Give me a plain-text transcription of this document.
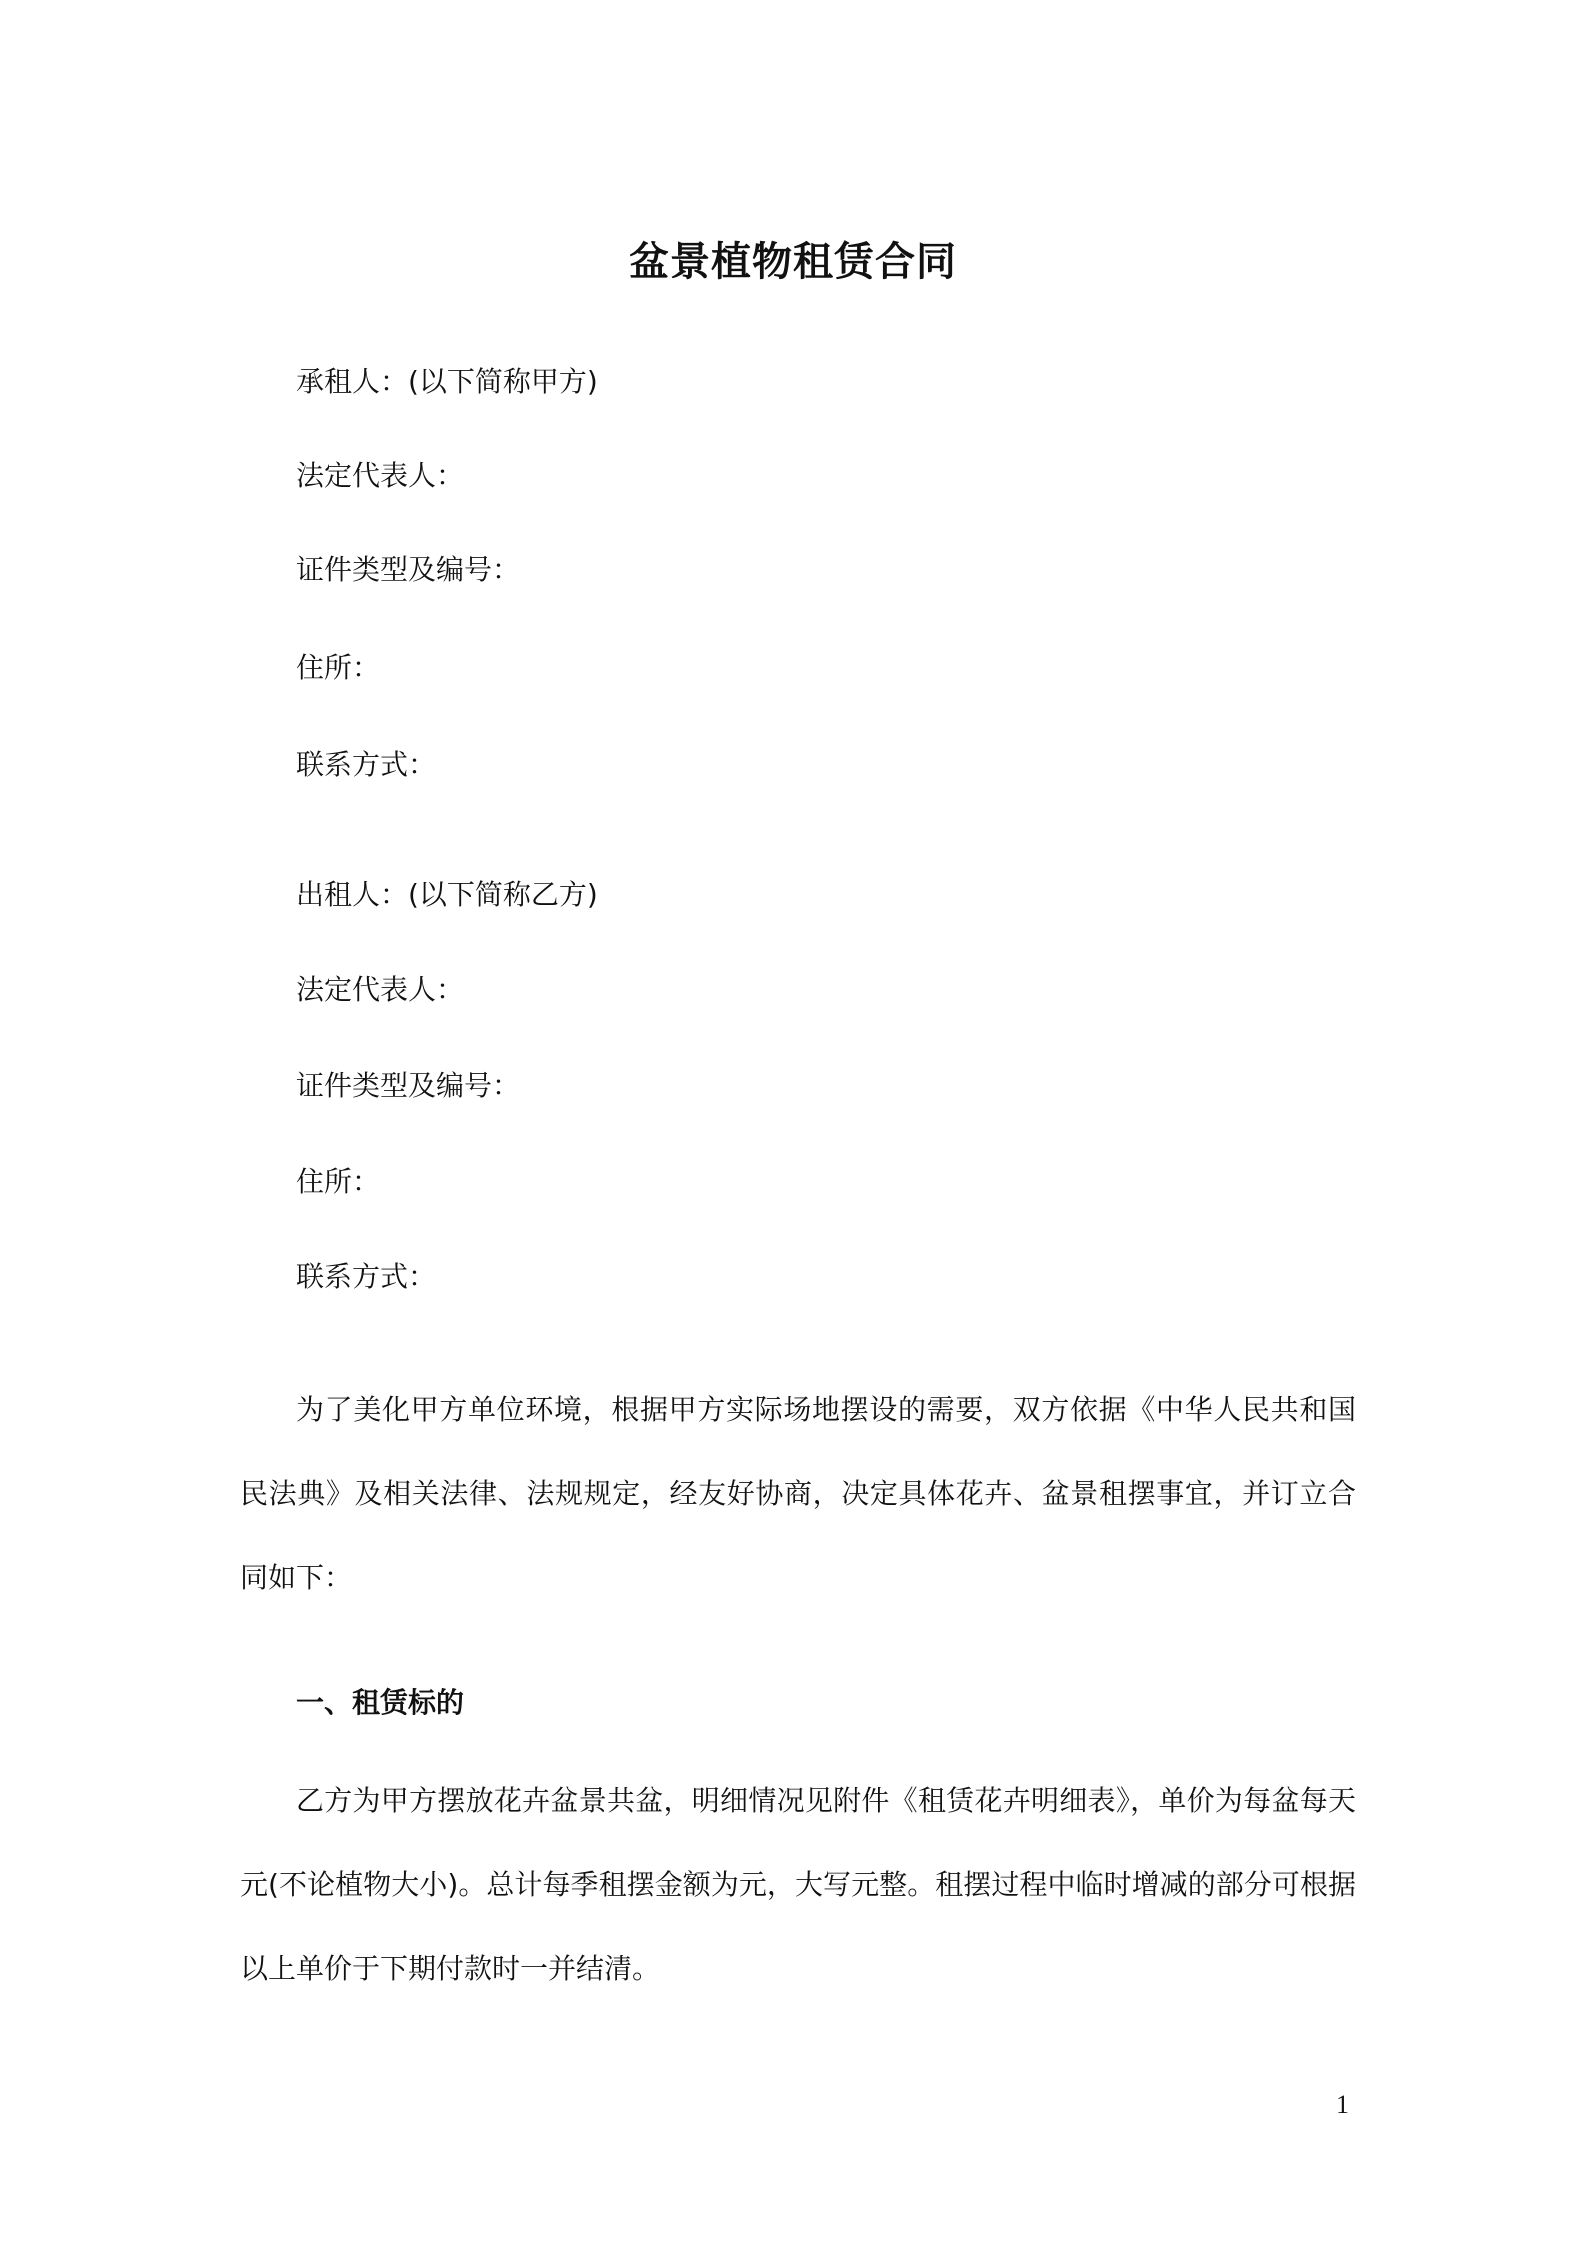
盆景植物租赁合同
承租人：(以下简称甲方)
法定代表人：
证件类型及编号：
住所：
联系方式：
出租人：(以下简称乙方)
法定代表人：
证件类型及编号：
住所：
联系方式：
为了美化甲方单位环境，根据甲方实际场地摆设的需要，双方依据《中华人民共和国民法典》及相关法律、法规规定，经友好协商，决定具体花卉、盆景租摆事宜，并订立合同如下：
一、租赁标的
乙方为甲方摆放花卉盆景共盆，明细情况见附件《租赁花卉明细表》，单价为每盆每天元(不论植物大小)。总计每季租摆金额为元，大写元整。租摆过程中临时增减的部分可根据以上单价于下期付款时一并结清。
1
